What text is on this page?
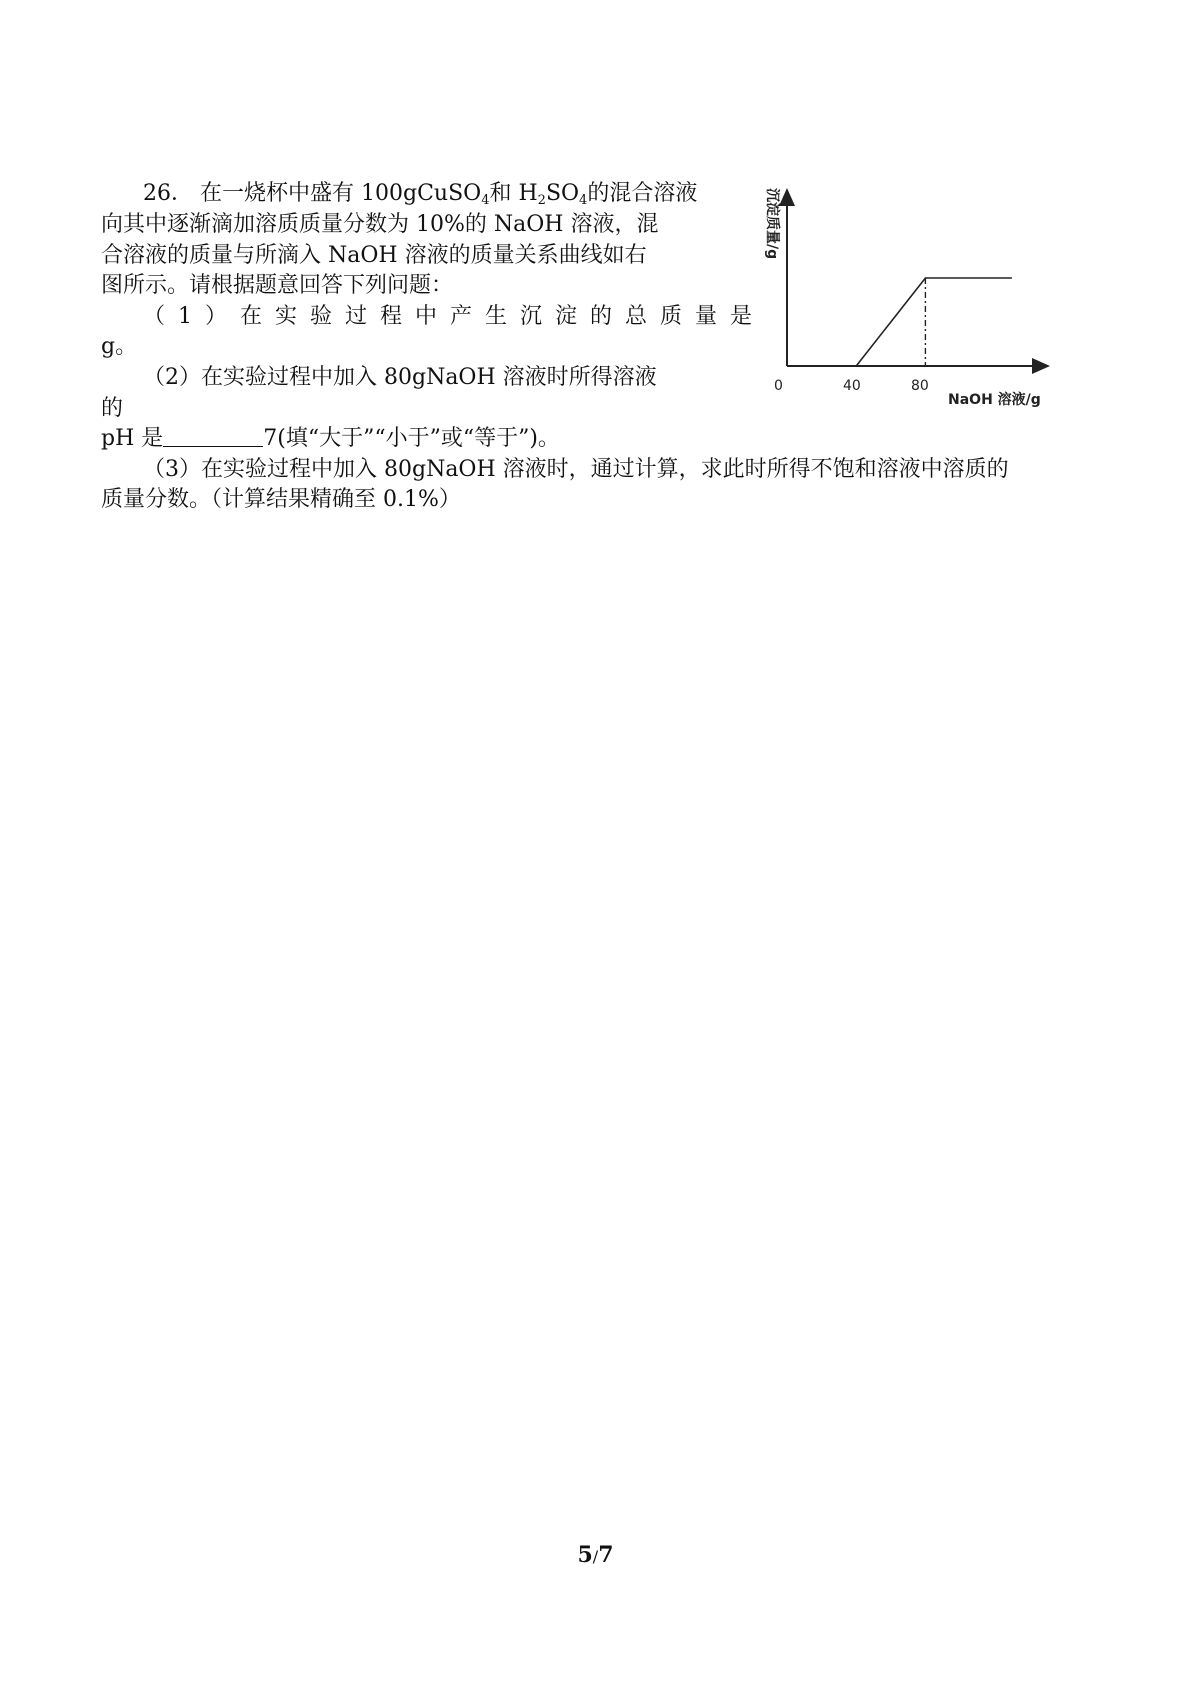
26． 在一烧杯中盛有 100gCuSO$_4$和 $H_2SO_4$的混合溶液
向其中逐渐滴加溶质质量分数为 10%的 NaOH 溶液，混
合溶液的质量与所滴入 NaOH 溶液的质量关系曲线如右
图所示。请根据题意回答下列问题：
（1）在实验过程中产生沉淀的总质量是
g。
（2）在实验过程中加入 80gNaOH 溶液时所得溶液
的
pH 是	7(填“大于”“小于”或“等于”)。
（3）在实验过程中加入 80gNaOH 溶液时，通过计算，求此时所得不饱和溶液中溶质的
质量分数。（计算结果精确至 0.1%）
沉淀质量/g
0	40	80
NaOH 溶液/g
5/7
